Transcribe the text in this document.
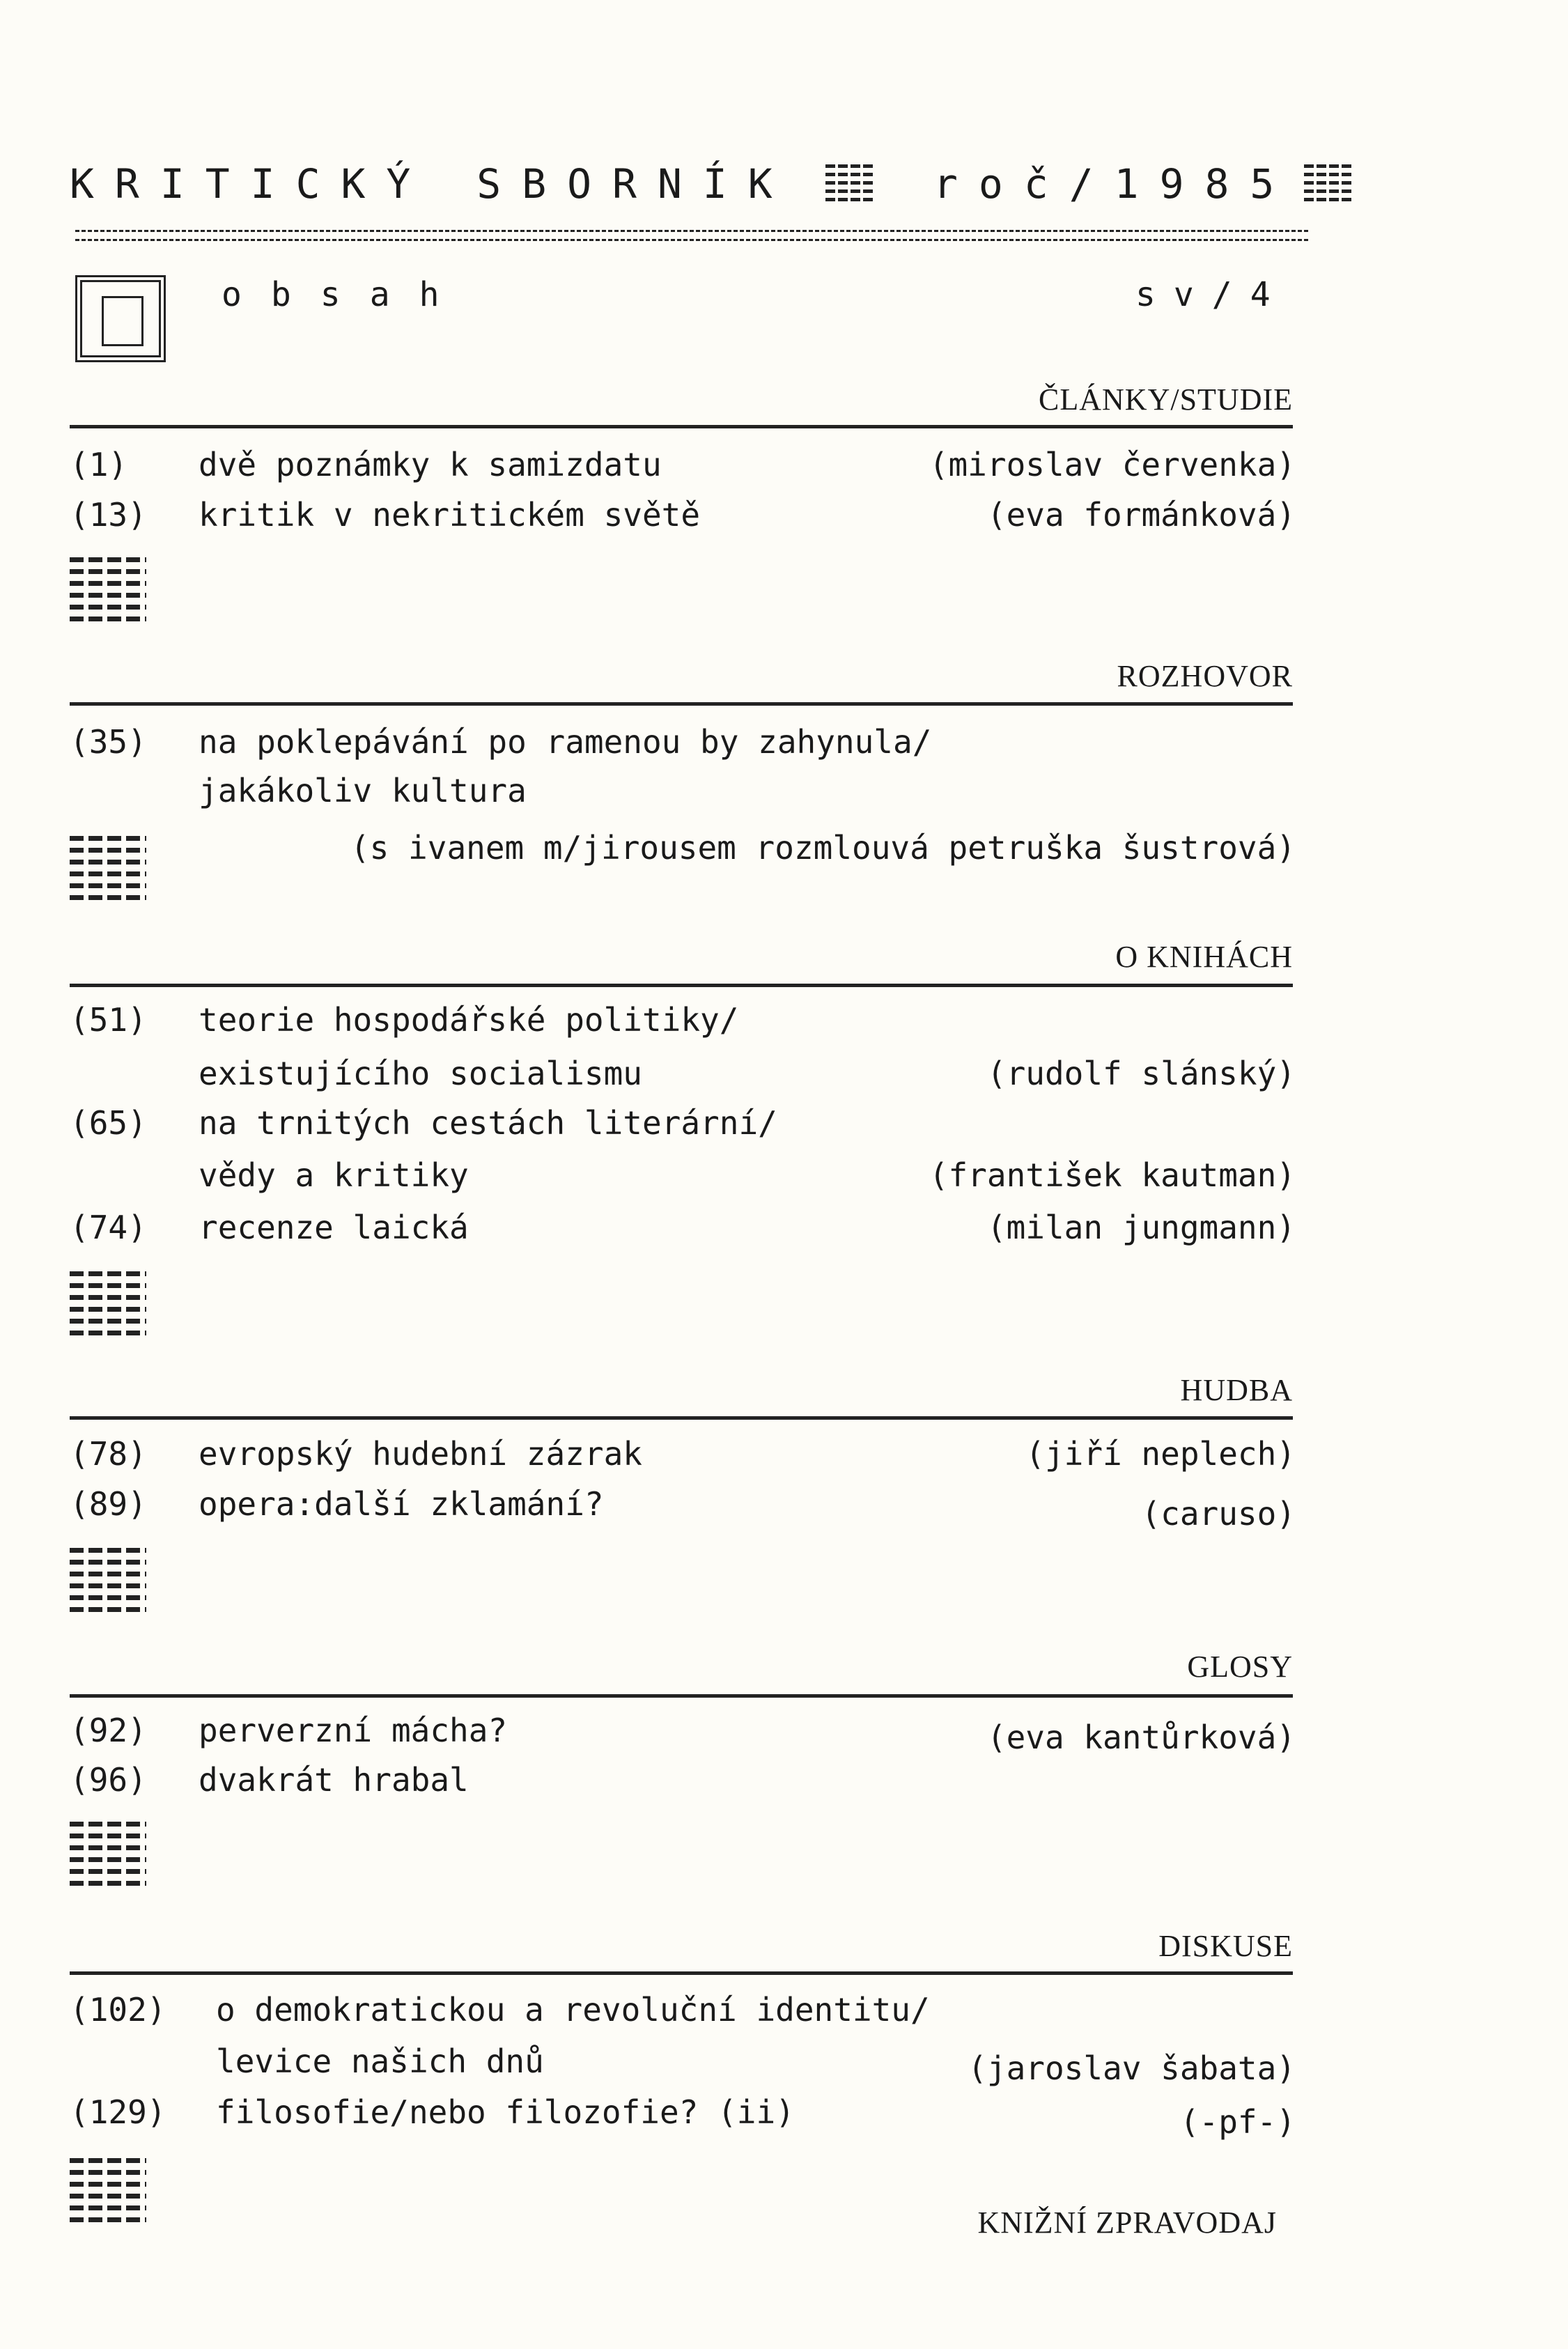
KRITICKÝ SBORNÍK	roč/1985
obsah	sv/4
ČLÁNKY/STUDIE
(1) dvě poznámky k samizdatu	(miroslav červenka)
(13) kritik v nekritickém světě	(eva formánková)
ROZHOVOR
(35) na poklepávání po ramenou by zahynula/
jakákoliv kultura
(s ivanem m/jirousem rozmlouvá petruška šustrová)
O KNIHÁCH
(51) teorie hospodářské politiky/
existujícího socialismu	(rudolf slánský)
(65) na trnitých cestách literární/
vědy a kritiky	(františek kautman)
(74) recenze laická	(milan jungmann)
HUDBA
(78) evropský hudební zázrak	(jiří neplech)
(89) opera:další zklamání?	(caruso)
GLOSY
(92) perverzní mácha?	(eva kantůrková)
(96) dvakrát hrabal
DISKUSE
(102) o demokratickou a revoluční identitu/
levice našich dnů	(jaroslav šabata)
(129) filosofie/nebo filozofie? (ii)	(-pf-)
KNIŽNÍ ZPRAVODAJ
